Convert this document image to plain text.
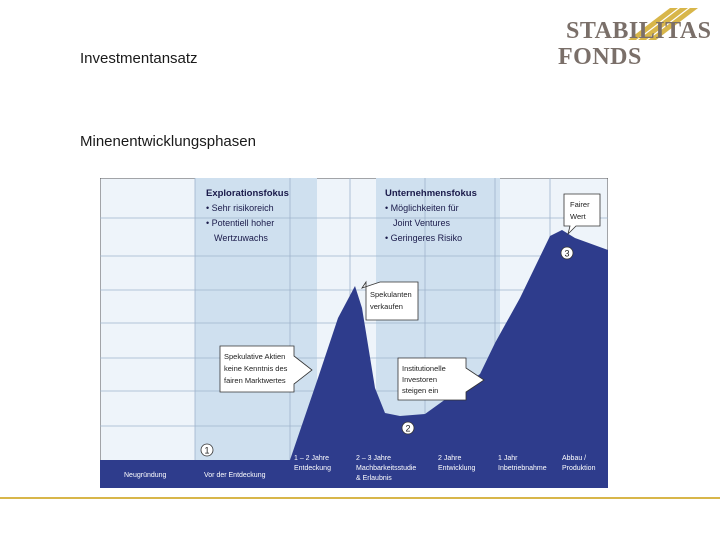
Investmentansatz
Minenentwicklungsphasen
STABILITAS
FONDS
Explorationsfokus
• Sehr risikoreich
• Potentiell hoher
Wertzuwachs
Unternehmensfokus
• Möglichkeiten für
Joint Ventures
• Geringeres Risiko
Spekulative Aktien
keine Kenntnis des
fairen Marktwertes
Spekulanten
verkaufen
Institutionelle
Investoren
steigen ein
Fairer
Wert
1
2
3
Neugründung	Vor der Entdeckung
1 – 2 Jahre
Entdeckung
2 – 3 Jahre
Machbarkeitsstudie
& Erlaubnis
2 Jahre
Entwicklung
1 Jahr
Inbetriebnahme
Abbau /
Produktion
